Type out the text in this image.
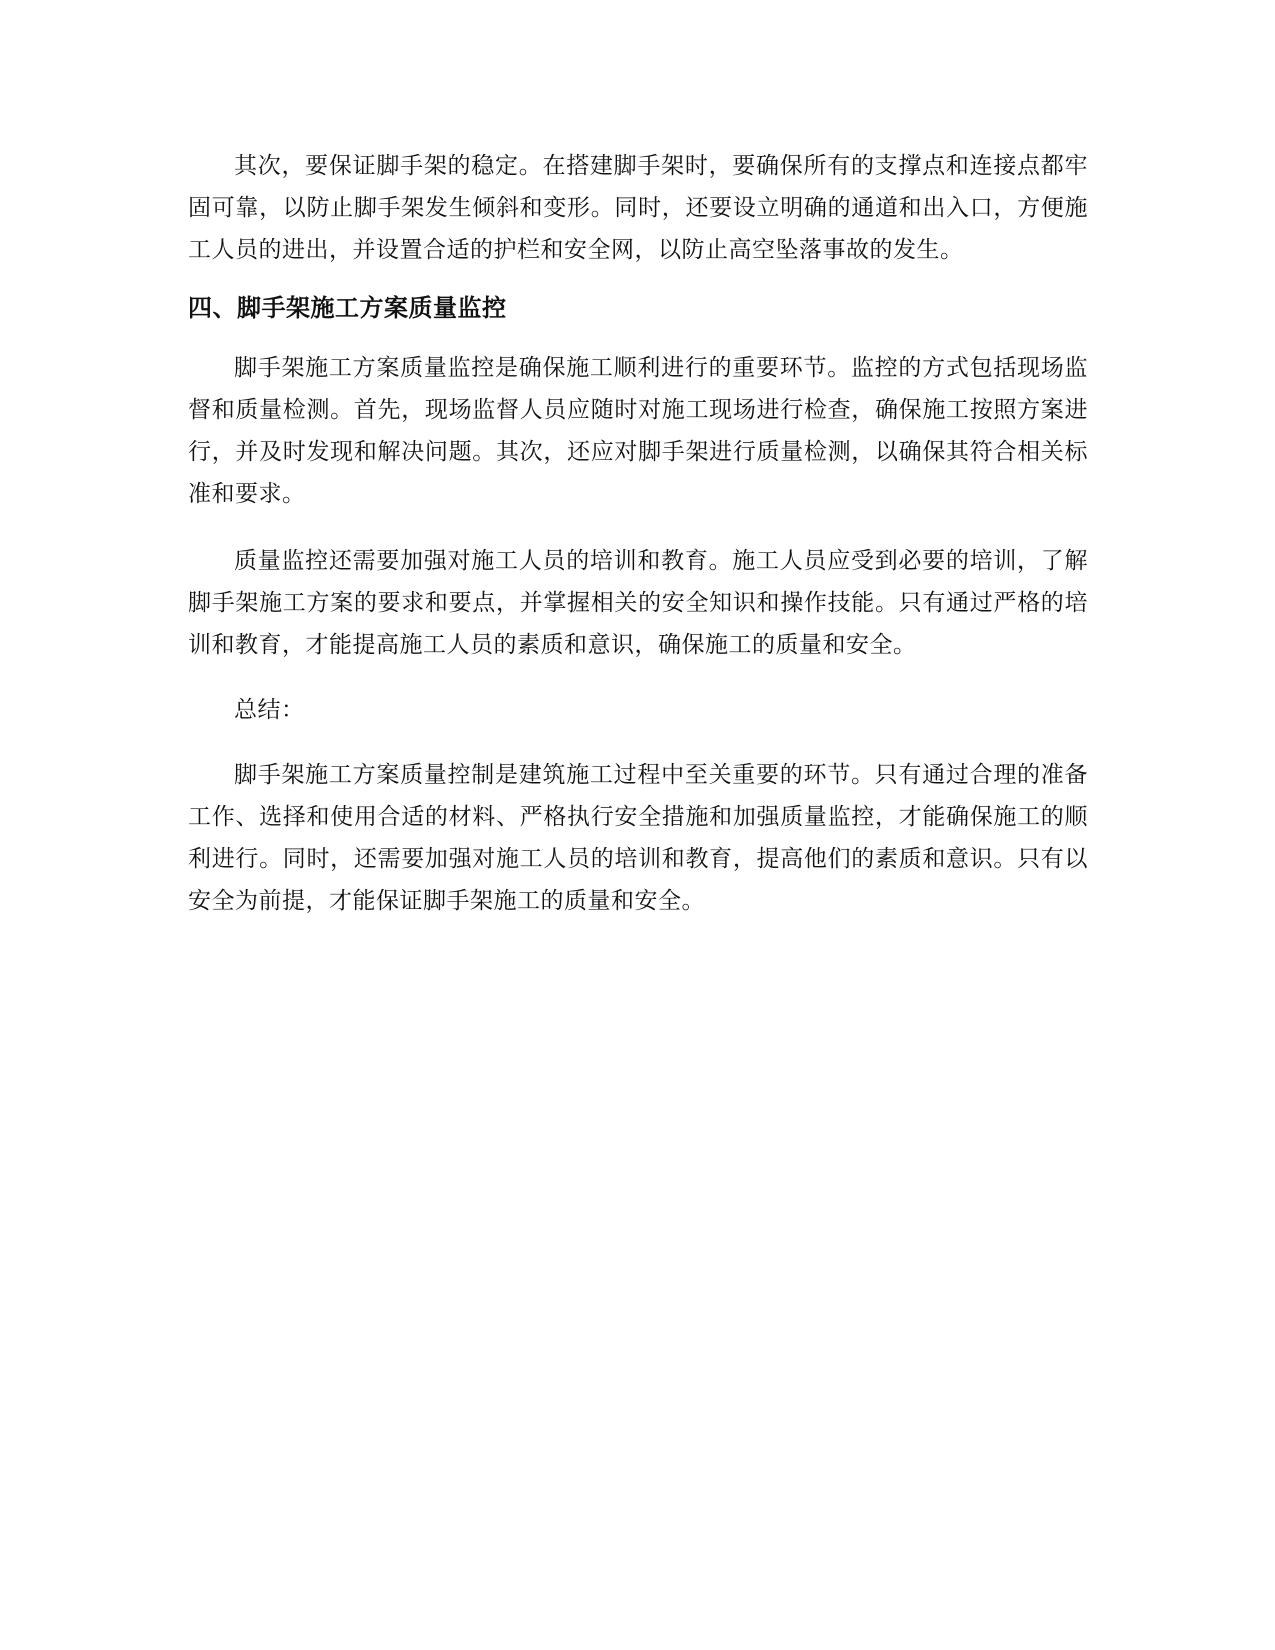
其次，要保证脚手架的稳定。在搭建脚手架时，要确保所有的支撑点和连接点都牢固可靠，以防止脚手架发生倾斜和变形。同时，还要设立明确的通道和出入口，方便施工人员的进出，并设置合适的护栏和安全网，以防止高空坠落事故的发生。

四、脚手架施工方案质量监控

脚手架施工方案质量监控是确保施工顺利进行的重要环节。监控的方式包括现场监督和质量检测。首先，现场监督人员应随时对施工现场进行检查，确保施工按照方案进行，并及时发现和解决问题。其次，还应对脚手架进行质量检测，以确保其符合相关标准和要求。

质量监控还需要加强对施工人员的培训和教育。施工人员应受到必要的培训，了解脚手架施工方案的要求和要点，并掌握相关的安全知识和操作技能。只有通过严格的培训和教育，才能提高施工人员的素质和意识，确保施工的质量和安全。

总结：

脚手架施工方案质量控制是建筑施工过程中至关重要的环节。只有通过合理的准备工作、选择和使用合适的材料、严格执行安全措施和加强质量监控，才能确保施工的顺利进行。同时，还需要加强对施工人员的培训和教育，提高他们的素质和意识。只有以安全为前提，才能保证脚手架施工的质量和安全。
